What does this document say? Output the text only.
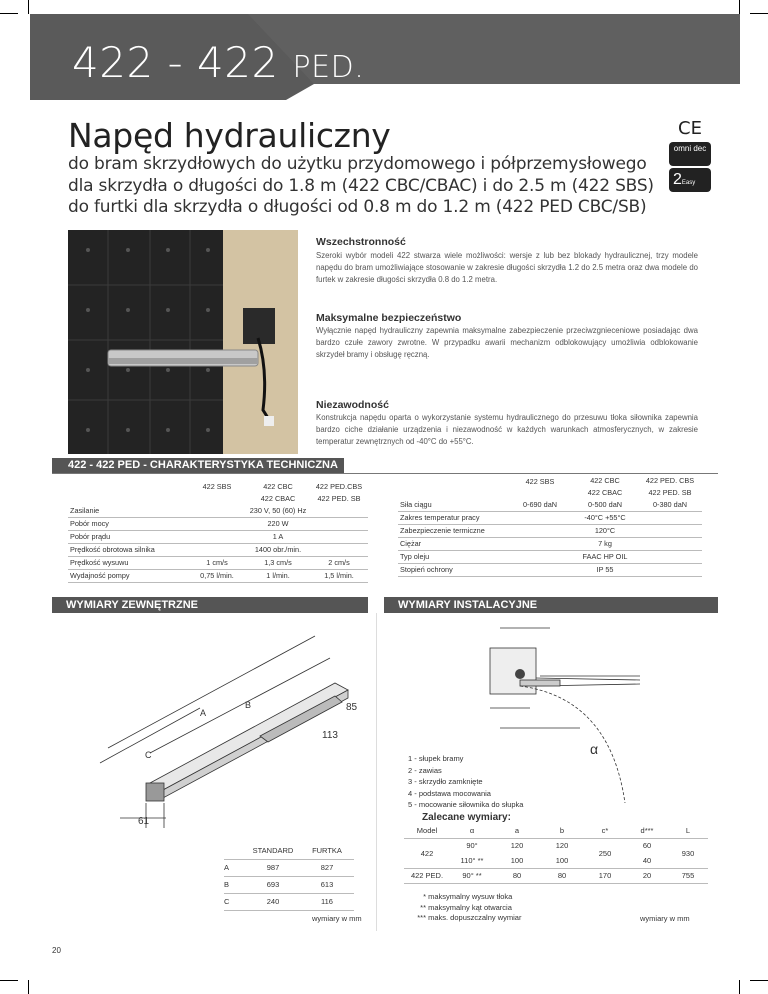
422 - 422 PED.
Napęd hydrauliczny
do bram skrzydłowych do użytku przydomowego i półprzemysłowego
dla skrzydła o długości do 1.8 m (422 CBC/CBAC) i do 2.5 m (422 SBS)
do furtki dla skrzydła o długości od 0.8 m do 1.2 m (422 PED CBC/SB)
CE
omni dec
2Easy
Wszechstronność
Szeroki wybór modeli 422 stwarza wiele możliwości: wersje z lub bez blokady hydraulicznej, trzy modele napędu do bram umożliwiające stosowanie w zakresie długości skrzydła 1.2 do 2.5 metra oraz dwa modele do furtek w zakresie długości skrzydła 0.8 do 1.2 metra.
Maksymalne bezpieczeństwo
Wyłącznie napęd hydrauliczny zapewnia maksymalne zabezpieczenie przeciwzgnieceniowe posiadając dwa bardzo czułe zawory zwrotne. W przypadku awarii mechanizm odblokowujący umożliwia odblokowanie skrzydeł bramy i obsługę ręczną.
Niezawodność
Konstrukcja napędu oparta o wykorzystanie systemu hydraulicznego do przesuwu tłoka siłownika zapewnia bardzo ciche działanie urządzenia i niezawodność w każdych warunkach atmosferycznych, w zakresie temperatur zewnętrznych od -40°C do +55°C.
422 - 422 PED - CHARAKTERYSTYKA TECHNICZNA
	422 SBS	422 CBC	422 PED.CBS
		422 CBAC	422 PED. SB
Zasilanie	230 V, 50 (60) Hz		
Pobór mocy	220 W		
Pobór prądu	1 A		
Prędkość obrotowa silnika	1400 obr./min.		
Prędkość wysuwu	1 cm/s	1,3 cm/s	2 cm/s
Wydajność pompy	0,75 l/min.	1 l/min.	1,5 l/min.
	422 SBS	422 CBC	422 PED. CBS
		422 CBAC	422 PED. SB
Siła ciągu	0-690 daN	0-500 daN	0-380 daN
Zakres temperatur pracy	-40°C +55°C		
Zabezpieczenie termiczne	120°C		
Ciężar	7 kg		
Typ oleju	FAAC HP OIL		
Stopień ochrony	IP 55		
WYMIARY ZEWNĘTRZNE	WYMIARY INSTALACYJNE
A
B
C
85
113
61
	STANDARD	FURTKA
A	987	827
B	693	613
C	240	116
wymiary w mm
α
1 - słupek bramy
2 - zawias
3 - skrzydło zamknięte
4 - podstawa mocowania
5 - mocowanie siłownika do słupka
Zalecane wymiary:
Model	α	a	b	c*	d***	L
422	90°	120	120	250	60	930
	110° **	100	100		40	
422 PED.	90° **	80	80	170	20	755
* maksymalny wysuw tłoka
** maksymalny kąt otwarcia
*** maks. dopuszczalny wymiar	wymiary w mm
20
